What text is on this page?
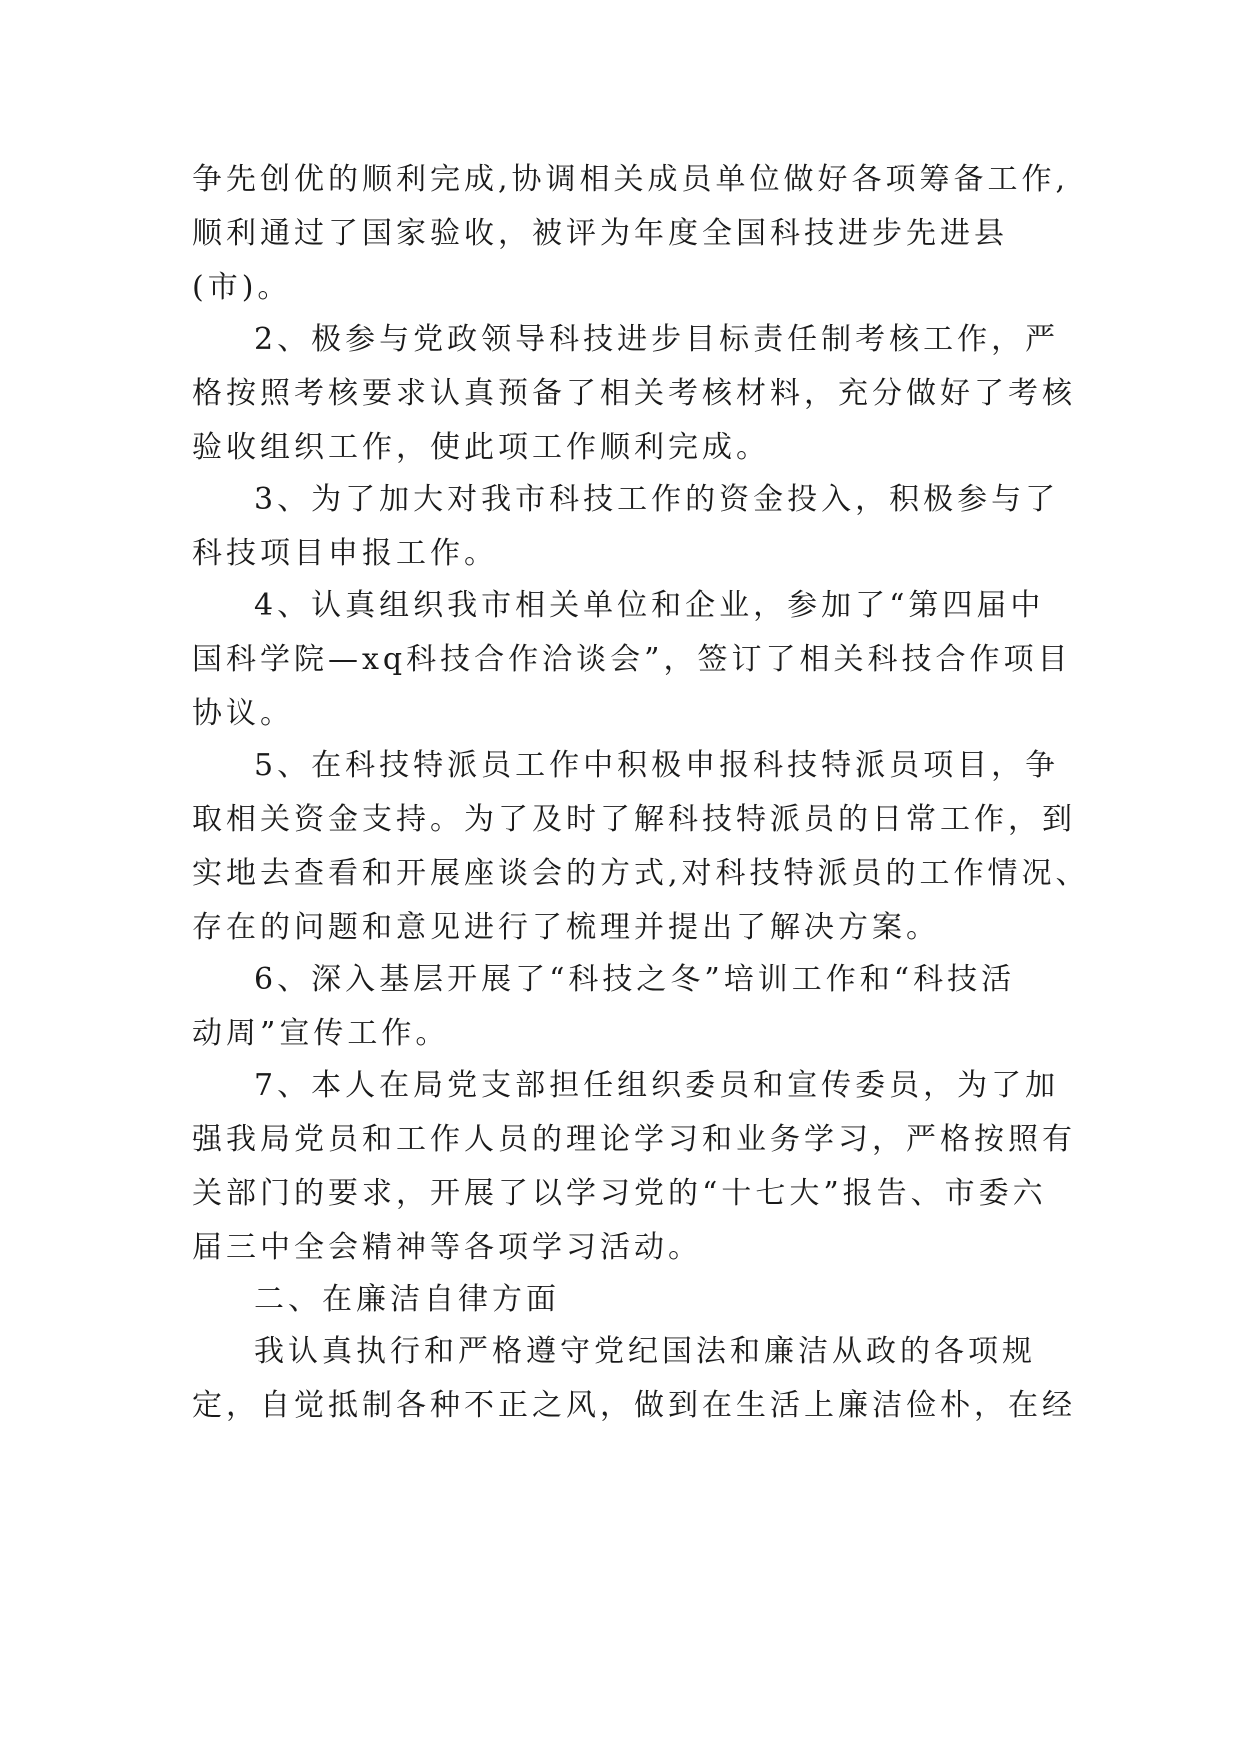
争先创优的顺利完成,协调相关成员单位做好各项筹备工作,
顺利通过了国家验收，被评为年度全国科技进步先进县
(市)。
2、极参与党政领导科技进步目标责任制考核工作，严
格按照考核要求认真预备了相关考核材料，充分做好了考核
验收组织工作，使此项工作顺利完成。
3、为了加大对我市科技工作的资金投入，积极参与了
科技项目申报工作。
4、认真组织我市相关单位和企业，参加了“第四届中
国科学院—xq科技合作洽谈会”，签订了相关科技合作项目
协议。
5、在科技特派员工作中积极申报科技特派员项目，争
取相关资金支持。为了及时了解科技特派员的日常工作，到
实地去查看和开展座谈会的方式,对科技特派员的工作情况、
存在的问题和意见进行了梳理并提出了解决方案。
6、深入基层开展了“科技之冬”培训工作和“科技活
动周”宣传工作。
7、本人在局党支部担任组织委员和宣传委员，为了加
强我局党员和工作人员的理论学习和业务学习，严格按照有
关部门的要求，开展了以学习党的“十七大”报告、市委六
届三中全会精神等各项学习活动。
二、在廉洁自律方面
我认真执行和严格遵守党纪国法和廉洁从政的各项规
定，自觉抵制各种不正之风，做到在生活上廉洁俭朴，在经
